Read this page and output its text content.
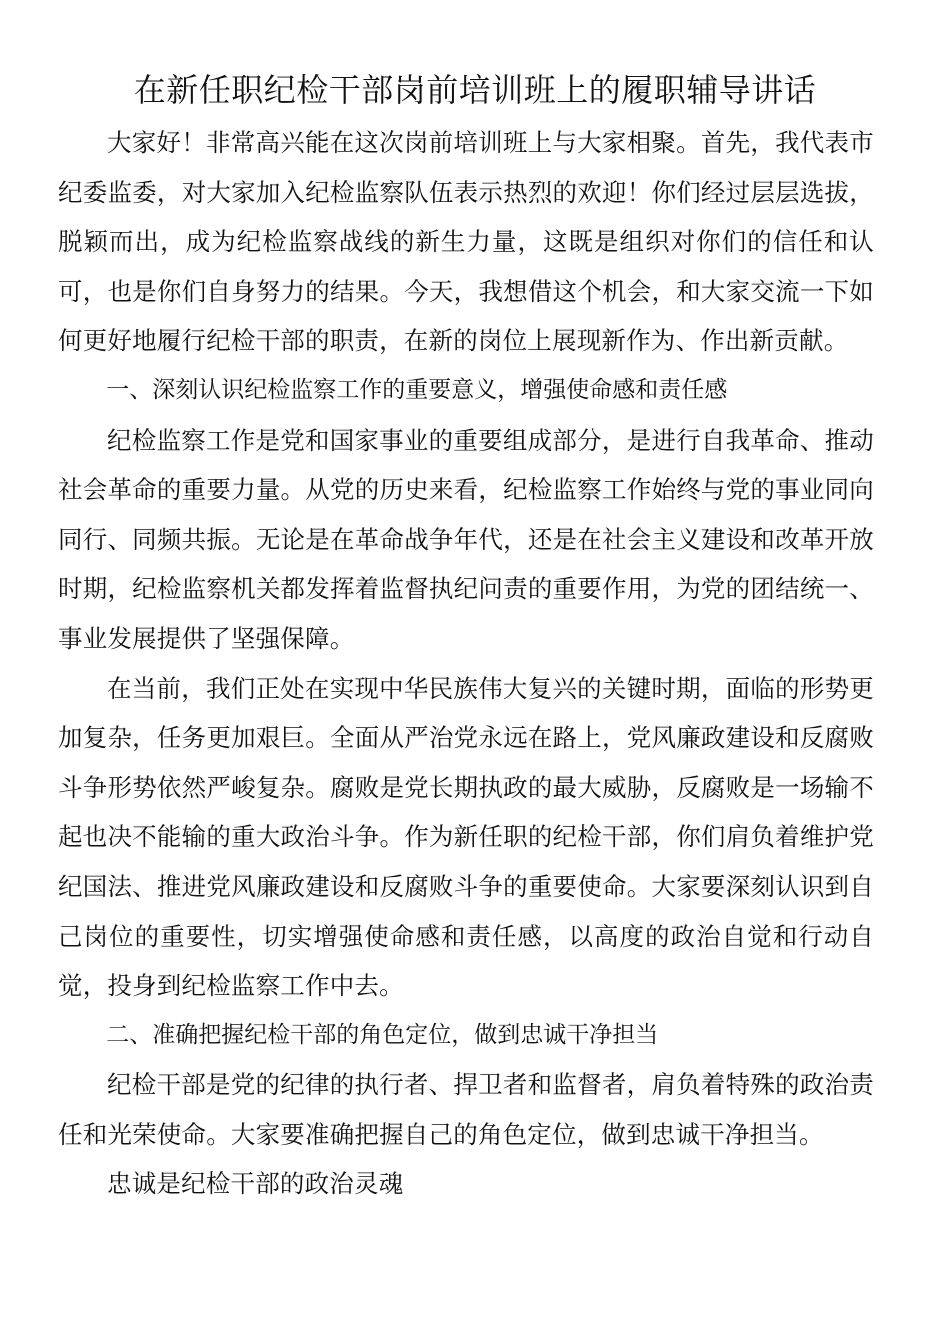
在新任职纪检干部岗前培训班上的履职辅导讲话

大家好！非常高兴能在这次岗前培训班上与大家相聚。首先，我代表市纪委监委，对大家加入纪检监察队伍表示热烈的欢迎！你们经过层层选拔，脱颖而出，成为纪检监察战线的新生力量，这既是组织对你们的信任和认可，也是你们自身努力的结果。今天，我想借这个机会，和大家交流一下如何更好地履行纪检干部的职责，在新的岗位上展现新作为、作出新贡献。

一、深刻认识纪检监察工作的重要意义，增强使命感和责任感

纪检监察工作是党和国家事业的重要组成部分，是进行自我革命、推动社会革命的重要力量。从党的历史来看，纪检监察工作始终与党的事业同向同行、同频共振。无论是在革命战争年代，还是在社会主义建设和改革开放时期，纪检监察机关都发挥着监督执纪问责的重要作用，为党的团结统一、事业发展提供了坚强保障。

在当前，我们正处在实现中华民族伟大复兴的关键时期，面临的形势更加复杂，任务更加艰巨。全面从严治党永远在路上，党风廉政建设和反腐败斗争形势依然严峻复杂。腐败是党长期执政的最大威胁，反腐败是一场输不起也决不能输的重大政治斗争。作为新任职的纪检干部，你们肩负着维护党纪国法、推进党风廉政建设和反腐败斗争的重要使命。大家要深刻认识到自己岗位的重要性，切实增强使命感和责任感，以高度的政治自觉和行动自觉，投身到纪检监察工作中去。

二、准确把握纪检干部的角色定位，做到忠诚干净担当

纪检干部是党的纪律的执行者、捍卫者和监督者，肩负着特殊的政治责任和光荣使命。大家要准确把握自己的角色定位，做到忠诚干净担当。

忠诚是纪检干部的政治灵魂
